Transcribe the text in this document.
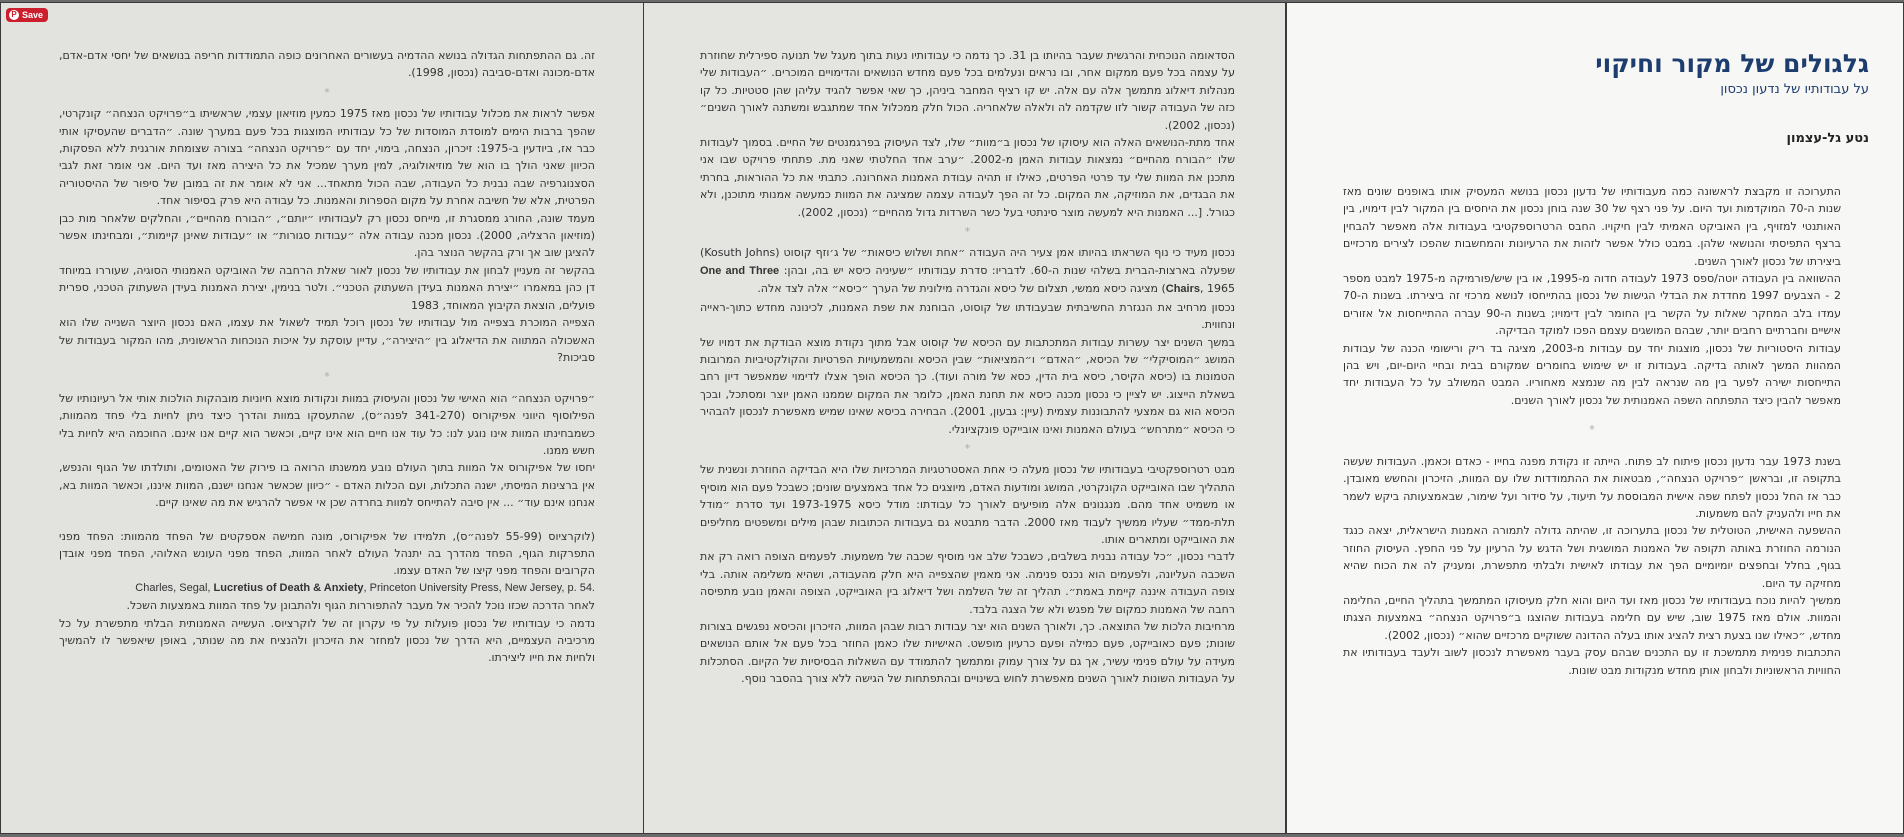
P Save

זה. גם ההתפתחות הגדולה בנושא ההדמיה בעשורים האחרונים כופה התמודדות חריפה בנושאים של יחסי אדם-אדם, אדם-מכונה ואדם-סביבה (נכסון, 1998).

*

אפשר לראות את מכלול עבודותיו של נכסון מאז 1975 כמעין מוזיאון עצמי, שראשיתו ב״פרויקט הנצחה״ קונקרטי, שהפך ברבות הימים למוסדת המוסדות של כל עבודותיו המוצגות בכל פעם במערך שונה. ״הדברים שהעסיקו אותי כבר אז, ביודעין ב-1975: זיכרון, הנצחה, בימוי, יחד עם ״פרויקט הנצחה״ בצורה שצומחת אורגנית ללא הפסקות, הכיוון שאני הולך בו הוא של מוזיאולוגיה, למין מערך שמכיל את כל היצירה מאז ועד היום. אני אומר זאת לגבי הסצנוגרפיה שבה נבנית כל העבודה, שבה הכול מתאחד... אני לא אומר את זה במובן של סיפור של ההיסטוריה הפרטית, אלא של חשיבה אחרת על מקום הספרות והאמנות. כל עבודה היא פרק בסיפור אחד.

מעמד שונה, החורג ממסגרת זו, מייחס נכסון רק לעבודותיו ״יותם״, ״הבורח מהחיים״, והחלקים שלאחר מות כבן (מוזיאון הרצליה, 2000). נכסון מכנה עבודה אלה ״עבודות סגורות״ או ״עבודות שאינן קיימות״, ומבחינתו אפשר להציגן שוב אך ורק בהקשר הנוצר בהן.

בהקשר זה מעניין לבחון את עבודותיו של נכסון לאור שאלת הרחבה של האוביקט האמנותי הסוגיה, שעוררו במיוחד דן כהן במאמרו ״יצירת האמנות בעידן השעתוק הטכני״. ולטר בנימין, יצירת האמנות בעידן השעתוק הטכני, ספרית פועלים, הוצאת הקיבוץ המאוחד, 1983

הצפייה המוכרת בצפייה מול עבודותיו של נכסון רוכל תמיד לשאול את עצמו, האם נכסון היוצר השנייה שלו הוא האשכולה המתווה את הדיאלוג בין ״היצירה״, עדיין עוסקת על איכות הנוכחות הראשונית, מהו המקור בעבודות של סביכות?

*

״פרויקט הנצחה״ הוא האישי של נכסון והעיסוק במוות ונקודות מוצא חיוניות מובהקות הולכות אותי אל רעיונותיו של הפילוסוף היווני אפיקורוס (341-270 לפנה״ס), שהתעסקו במוות והדרך כיצד ניתן לחיות בלי פחד מהמוות, כשמבחינתו המוות אינו נוגע לנו: כל עוד אנו חיים הוא אינו קיים, וכאשר הוא קיים אנו אינם. החוכמה היא לחיות בלי חשש ממנו.

יחסו של אפיקורוס אל המוות בתוך העולם נובע ממשנתו הרואה בו פירוק של האטומים, ותולדתו של הגוף והנפש, אין ברצינות המיסתי, ישנה התכלות, ועם הכלות האדם - ״כיוון שכאשר אנחנו ישנם, המוות איננו, וכאשר המוות בא, אנחנו אינם עוד״ ... אין סיבה להתייחס למוות בחרדה שכן אי אפשר להרגיש את מה שאינו קיים.

(לוקרציוס (55-99 לפנה״ס), תלמידו של אפיקורוס, מונה חמישה אספקטים של הפחד מהמוות: הפחד מפני התפרקות הגוף, הפחד מהדרך בה יתנהל העולם לאחר המוות, הפחד מפני העונש האלוהי, הפחד מפני אובדן הקרובים והפחד מפני קיצו של האדם עצמו.

Charles, Segal, Lucretius of Death & Anxiety, Princeton University Press, New Jersey, p. 54.

לאחר הדרכה שכזו נוכל להכיר אל מעבר להתפוררות הגוף ולהתבונן על פחד המוות באמצעות השכל.

נדמה כי עבודותיו של נכסון פועלות על פי עקרון זה של לוקרציוס. העשייה האמנותית הבלתי מתפשרת על כל מרכיביה העצמיים, היא הדרך של נכסון למחזר את הזיכרון ולהנציח את מה שנותר, באופן שיאפשר לו להמשיך ולחיות את חייו ליצירתו.

הסדאומה הנוכחית והרגשית שעבר בהיותו בן 31. כך נדמה כי עבודותיו נעות בתוך מעגל של תנועה ספירלית שחוזרת על עצמה בכל פעם ממקום אחר, ובו נראים ונעלמים בכל פעם מחדש הנושאים והדימויים המוכרים. ״העבודות שלי מנהלות דיאלוג מתמשך אלה עם אלה. יש קו רציף המחבר ביניהן, כך שאי אפשר להגיד עליהן שהן סטטיות. כל קו כזה של העבודה קשור לזו שקדמה לה ולאלה שלאחריה. הכול חלק ממכלול אחד שמתגבש ומשתנה לאורך השנים״ (נכסון, 2002).

אחד מתת-הנושאים האלה הוא עיסוקו של נכסון ב״מוות״ שלו, לצד העיסוק בפרגמנטים של החיים. בסמוך לעבודות שלו ״הבורח מהחיים״ נמצאות עבודות האמן מ-2002. ״ערב אחד החלטתי שאני מת. פתחתי פרויקט שבו אני מתכנן את המוות שלי עד פרטי הפרטים, כאילו זו תהיה עבודת האמנות האחרונה. כתבתי את כל ההוראות, בחרתי את הבגדים, את המוזיקה, את המקום. כל זה הפך לעבודה עצמה שמציגה את המוות כמעשה אמנותי מתוכנן, ולא כגורל. [... האמנות היא למעשה מוצר סינתטי בעל כשר השרדות גדול מהחיים״ (נכסון, 2002).

*

נכסון מעיד כי נוף השראתו בהיותו אמן צעיר היה העבודה ״אחת ושלוש כיסאות״ של ג׳וזף קוסוט (Kosuth Johns) שפעלה בארצות-הברית בשלהי שנות ה-60. לדבריו: סדרת עבודותיו ״שעיניה כיסא יש בה, ובהן: One and Three Chairs, 1965) מציגה כיסא ממשי, תצלום של כיסא והגדרה מילונית של הערך ״כיסא״ אלה לצד אלה.

נכסון מרחיב את הנגזרת החשיבתית שבעבודתו של קוסוט, הבוחנת את שפת האמנות, לכינונה מחדש כתוך-ראייה ונחווית.

במשך השנים יצר עשרות עבודות המתכתבות עם הכיסא של קוסוט אבל מתוך נקודת מוצא הבודקת את דמויו של המושג ״המוסיקלי״ של הכיסא, ״האדם״ ו״המציאות״ שבין הכיסא והמשמעויות הפרטיות והקולקטיביות המרובות הטמונות בו (כיסא הקיסר, כיסא בית הדין, כסא של מורה ועוד). כך הכיסא הופך אצלו לדימוי שמאפשר דיון רחב בשאלת הייצוג. יש לציין כי נכסון מכנה כיסא את תחנת האמן, כלומר את המקום שממנו האמן יוצר ומסתכל, ובכך הכיסא הוא גם אמצעי להתבוננות עצמית (עיין: גבעון, 2001). הבחירה בכיסא שאינו שמיש מאפשרת לנכסון להבהיר כי הכיסא ״מתרחש״ בעולם האמנות ואינו אובייקט פונקציונלי.

*

מבט רטרוספקטיבי בעבודותיו של נכסון מעלה כי אחת האסטרטגיות המרכזיות שלו היא הבדיקה החוזרת ונשנית של התהליך שבו האובייקט הקונקרטי, המושג ומודעות האדם, מיוצגים כל אחד באמצעים שונים; כשבכל פעם הוא מוסיף או משמיט אחד מהם. מנגנונים אלה מופיעים לאורך כל עבודתו: מודל כיסא 1973-1975 ועד סדרת ״מודל תלת-ממד״ שעליו ממשיך לעבוד מאז 2000. הדבר מתבטא גם בעבודות הכתובות שבהן מילים ומשפטים מחליפים את האובייקט ומתארים אותו.

לדברי נכסון, ״כל עבודה נבנית בשלבים, כשבכל שלב אני מוסיף שכבה של משמעות. לפעמים הצופה רואה רק את השכבה העליונה, ולפעמים הוא נכנס פנימה. אני מאמין שהצפייה היא חלק מהעבודה, ושהיא משלימה אותה. בלי צופה העבודה איננה קיימת באמת״. תהליך זה של השלמה ושל דיאלוג בין האובייקט, הצופה והאמן נובע מתפיסה רחבה של האמנות כמקום של מפגש ולא של הצגה בלבד.

מרחיבות הלכות של התוצאה. כך, ולאורך השנים הוא יצר עבודות רבות שבהן המוות, הזיכרון והכיסא נפגשים בצורות שונות; פעם כאובייקט, פעם כמילה ופעם כרעיון מופשט. האישיות שלו כאמן החוזר בכל פעם אל אותם הנושאים מעידה על עולם פנימי עשיר, אך גם על צורך עמוק ומתמשך להתמודד עם השאלות הבסיסיות של הקיום. הסתכלות על העבודות השונות לאורך השנים מאפשרת לחוש בשינויים ובהתפתחות של הגישה ללא צורך בהסבר נוסף.

גלגולים של מקור וחיקוי
על עבודותיו של נדעון נכסון
נטע גל-עצמון

התערוכה זו מקבצת לראשונה כמה מעבודותיו של נדעון נכסון בנושא המעסיק אותו באופנים שונים מאז שנות ה-70 המוקדמות ועד היום. על פני רצף של 30 שנה בוחן נכסון את היחסים בין המקור לבין דימויו, בין האותנטי למזויף, בין האוביקט האמיתי לבין חיקויו. החבס הרטרוספקטיבי בעבודות אלה מאפשר להבחין ברצף התפיסתי והנושאי שלהן. במבט כולל אפשר לזהות את הרעיונות והמחשבות שהפכו לצירים מרכזיים ביצירתו של נכסון לאורך השנים.

ההשוואה בין העבודה יוטה/ספס 1973 לעבודה חדוה מ-1995, או בין שיש/פורמיקה מ-1975 למבט מספר 2 - הצבעים 1997 מחדדת את הבדלי הגישות של נכסון בהתייחסו לנושא מרכזי זה ביצירתו. בשנות ה-70 עמדו בלב המחקר שאלות על הקשר בין החומר לבין דימויו; בשנות ה-90 עברה ההתייחסות אל אזורים אישיים וחברתיים רחבים יותר, שבהם המושגים עצמם הפכו למוקד הבדיקה.

עבודות היסטוריות של נכסון, מוצגות יחד עם עבודות מ-2003, מציגה בד ריק ורישומי הכנה של עבודות המהוות המשך לאותה בדיקה. בעבודות זו יש שימוש בחומרים שמקורם בבית ובחיי היום-יום, ויש בהן התייחסות ישירה לפער בין מה שנראה לבין מה שנמצא מאחוריו. המבט המשולב על כל העבודות יחד מאפשר להבין כיצד התפתחה השפה האמנותית של נכסון לאורך השנים.

*

בשנת 1973 עבר נדעון נכסון פיתוח לב פתוח. הייתה זו נקודת מפנה בחייו - כאדם וכאמן. העבודות שעשה בתקופה זו, ובראשן ״פרויקט הנצחה״, מבטאות את ההתמודדות שלו עם המוות, הזיכרון והחשש מאובדן. כבר אז החל נכסון לפתח שפה אישית המבוססת על תיעוד, על סידור ועל שימור, שבאמצעותה ביקש לשמר את חייו ולהעניק להם משמעות.

ההשפעה האישית, הטוטלית של נכסון בתערוכה זו, שהיתה גדולה לתמורה האמנות הישראלית, יצאה כנגד הנורמה החוזרת באותה תקופה של האמנות המושגית ושל הדגש על הרעיון על פני החפץ. העיסוק החוזר בגוף, בחלל ובחפצים יומיומיים הפך את עבודתו לאישית ולבלתי מתפשרת, ומעניק לה את הכוח שהיא מחזיקה עד היום.

ממשיך להיות נוכח בעבודותיו של נכסון מאז ועד היום והוא חלק מעיסוקו המתמשך בתהליך החיים, החלימה והמוות. אולם מאז 1975 שוב, שיש עם חלימה בעבודות שהוצגו ב״פרויקט הנצחה״ באמצעות הצגתו מחדש, ״כאילו שנו בצעת רצית להציג אותו בעלה ההדונה ששוקיים מרכזיים שהוא״ (נכסון, 2002).

התכתבות פנימית מתמשכת זו עם התכנים שבהם עסק בעבר מאפשרת לנכסון לשוב ולעבד בעבודותיו את החוויות הראשוניות ולבחון אותן מחדש מנקודות מבט שונות.
